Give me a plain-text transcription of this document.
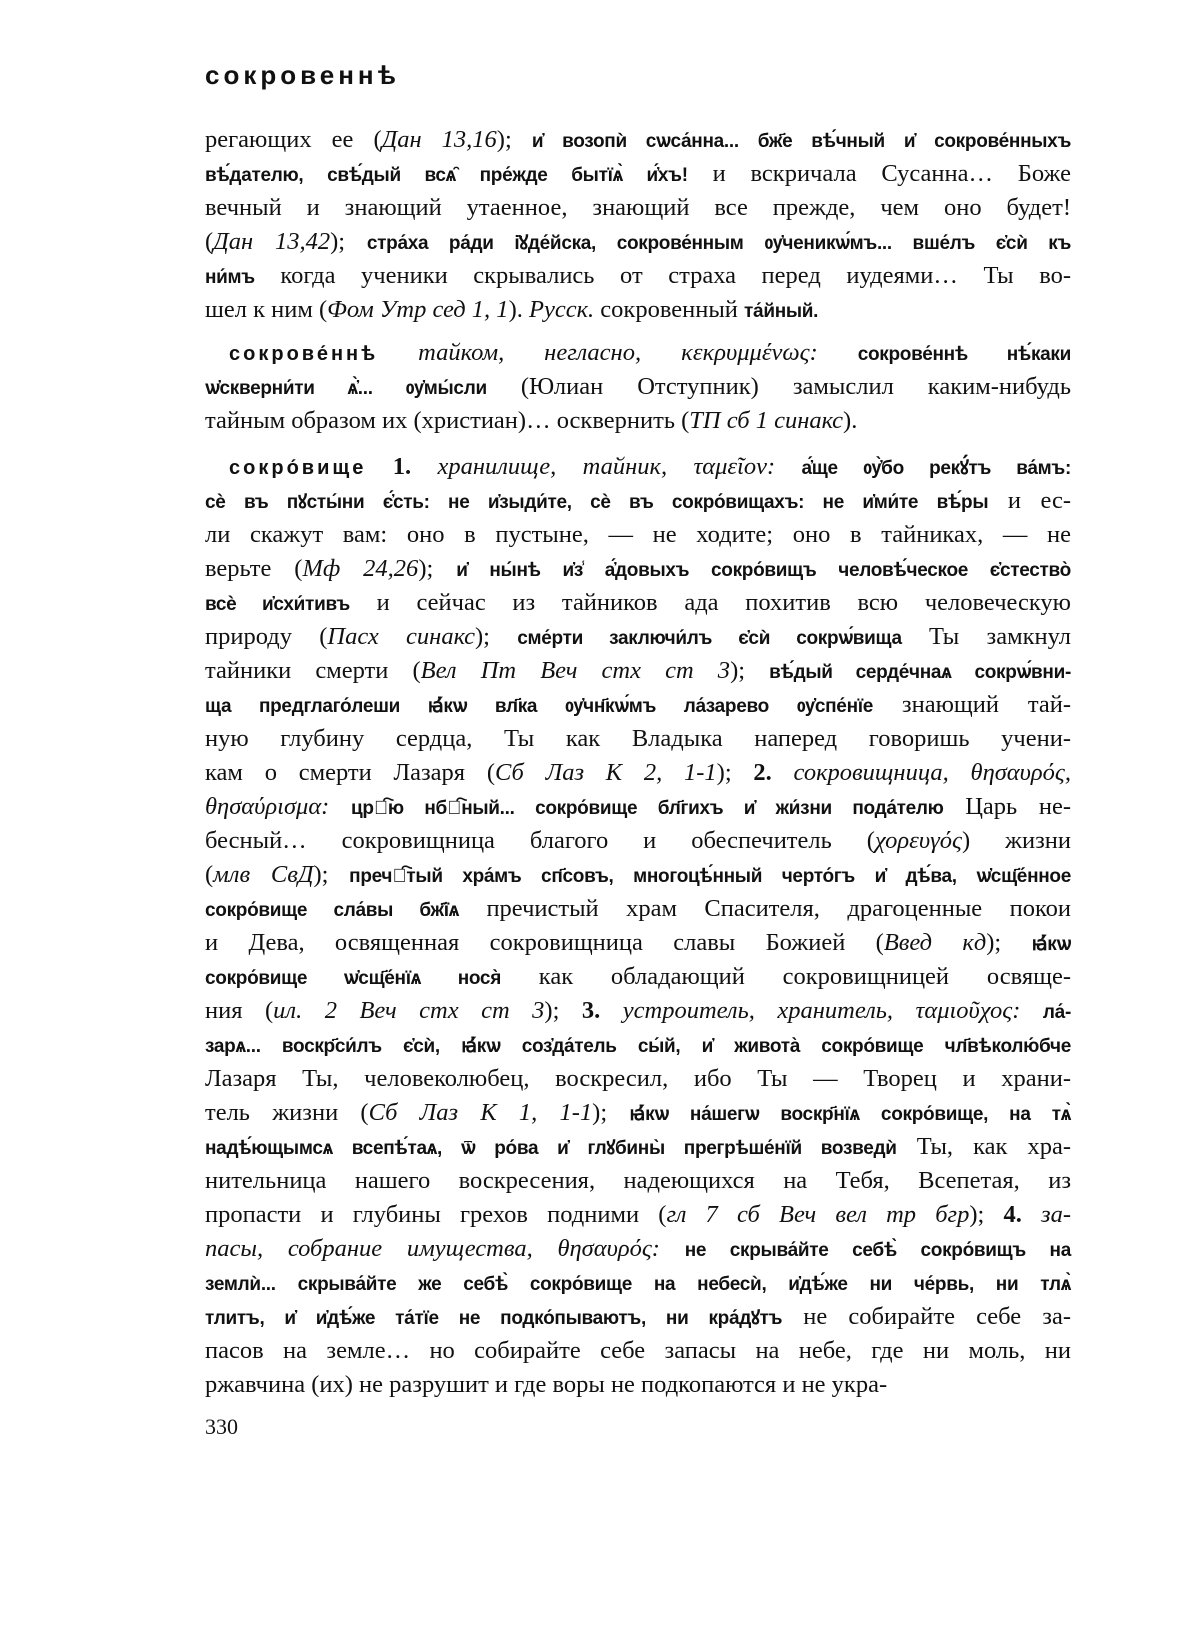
сокровеннѣ
регающих ее (Дан 13,16); и҆ возопѝ сѡса́нна... бж҃е вѣ́чный и҆ сокрове́нныхъ
вѣ́дателю, свѣ́дый всѧ̑ пре́жде бытїѧ̀ и҆́хъ! и вскричала Сусанна… Боже
вечный и знающий утаенное, знающий все прежде, чем оно будет!
(Дан 13,42); стра́ха ра́ди і҆ꙋде́йска, сокрове́нным ѹ҆ченикѡ́мъ... вше́лъ є҆сѝ къ
ни́мъ когда ученики скрывались от страха перед иудеями… Ты во-
шел к ним (Фом Утр сед 1, 1). Русск. сокровенный та́йный.
сокрове́ннѣ тайком, негласно, κεκρυμμένως: сокрове́ннѣ нѣ́каки
ѡ҆скверни́ти ѧ҆̀... ѹ҆мы́сли (Юлиан Отступник) замыслил каким-нибудь
тайным образом их (христиан)… осквернить (ТП сб 1 синакс).
сокро́вище 1. хранилище, тайник, ταμεῖον: а҆́ще ѹ҆̀бо рекꙋ́тъ ва́мъ:
сѐ въ пꙋсты́ни є҆́сть: не и҆зыди́те, сѐ въ сокро́вищахъ: не и҆ми́те вѣ́ры и ес-
ли скажут вам: оно в пустыне, — не ходите; оно в тайниках, — не
верьте (Мф 24,26); и҆ ны́нѣ и҆з̾ а҆́довыхъ сокро́вищъ человѣ́ческое є҆стество̀
всѐ и҆схи́тивъ и сейчас из тайников ада похитив всю человеческую
природу (Пасх синакс); сме́рти заключи́лъ є҆сѝ сокрѡ́вища Ты замкнул
тайники смерти (Вел Пт Веч стх ст 3); вѣ́дый серде́чнаѧ сокрѡ́вни-
ща предглаго́леши ꙗ҆́кѡ вл҃ка ѹ҆чн҃кѡ́мъ ла́зарево ѹ҆спе́нїе знающий тай-
ную глубину сердца, Ты как Владыка наперед говоришь учени-
кам о смерти Лазаря (Сб Лаз К 2, 1-1); 2. сокровищница, θησαυρός,
θησαύρισμα: црⷭ҇ю нбⷭ҇ный... сокро́вище бл҃гихъ и҆ жи́зни пода́телю Царь не-
бесный… сокровищница благого и обеспечитель (χορευγός) жизни
(млв СвД); пречⷭ҇тый хра́мъ сп҃совъ, многоцѣ́нный черто́гъ и҆ дѣ́ва, ѡ҆сщ҃е́нное
сокро́вище сла́вы бж҃їѧ пречистый храм Спасителя, драгоценные покои
и Дева, освященная сокровищница славы Божией (Введ кд); ꙗ҆́кѡ
сокро́вище ѡ҆сщ҃е́нїѧ нося̀ как обладающий сокровищницей освяще-
ния (ил. 2 Веч стх ст 3); 3. устроитель, хранитель, ταμιοῦχος: ла́-
зарѧ... воскр҃си́лъ є҆сѝ, ꙗ҆́кѡ соз҆да́тель сы́й, и҆ живота̀ сокро́вище чл҃вѣколю́бче
Лазаря Ты, человеколюбец, воскресил, ибо Ты — Творец и храни-
тель жизни (Сб Лаз К 1, 1-1); ꙗ҆́кѡ на́шегѡ воскр҃нїѧ сокро́вище, на тѧ̀
надѣ́ющымсѧ всепѣ́таѧ, ѿ ро́ва и҆ глꙋбины̀ прегрѣше́нїй возведѝ Ты, как хра-
нительница нашего воскресения, надеющихся на Тебя, Всепетая, из
пропасти и глубины грехов подними (гл 7 сб Веч вел тр бгр); 4. за-
пасы, собрание имущества, θησαυρός: не скрыва́йте себѣ̀ сокро́вищъ на
землѝ... скрыва́йте же себѣ̀ сокро́вище на небесѝ, и҆дѣ́же ни че́рвь, ни тлѧ̀
тлитъ, и҆ и҆дѣ́же та́тїе не подко́пываютъ, ни кра́дꙋтъ не собирайте себе за-
пасов на земле… но собирайте себе запасы на небе, где ни моль, ни
ржавчина (их) не разрушит и где воры не подкопаются и не укра-
330
